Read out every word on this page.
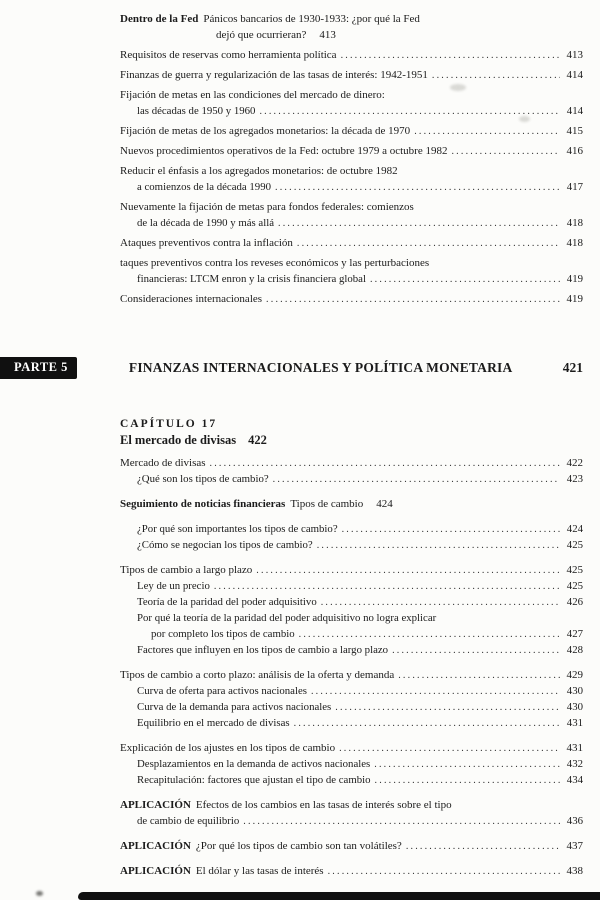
Dentro de la Fed Pánicos bancarios de 1930-1933: ¿por qué la Fed
dejó que ocurrieran? 413
Requisitos de reservas como herramienta política .....	413
Finanzas de guerra y regularización de las tasas de interés: 1942-1951 .....	414
Fijación de metas en las condiciones del mercado de dinero:
las décadas de 1950 y 1960 .....	414
Fijación de metas de los agregados monetarios: la década de 1970 .....	415
Nuevos procedimientos operativos de la Fed: octubre 1979 a octubre 1982 .....	416
Reducir el énfasis a los agregados monetarios: de octubre 1982
a comienzos de la década 1990 .....	417
Nuevamente la fijación de metas para fondos federales: comienzos
de la década de 1990 y más allá .....	418
Ataques preventivos contra la inflación .....	418
taques preventivos contra los reveses económicos y las perturbaciones
financieras: LTCM enron y la crisis financiera global .....	419
Consideraciones internacionales .....	419
PARTE 5	FINANZAS INTERNACIONALES Y POLÍTICA MONETARIA	421
CAPÍTULO 17
El mercado de divisas 422
Mercado de divisas .....	422
¿Qué son los tipos de cambio? .....	423
Seguimiento de noticias financieras Tipos de cambio 424
¿Por qué son importantes los tipos de cambio? .....	424
¿Cómo se negocian los tipos de cambio? .....	425
Tipos de cambio a largo plazo .....	425
Ley de un precio .....	425
Teoría de la paridad del poder adquisitivo .....	426
Por qué la teoría de la paridad del poder adquisitivo no logra explicar
por completo los tipos de cambio .....	427
Factores que influyen en los tipos de cambio a largo plazo .....	428
Tipos de cambio a corto plazo: análisis de la oferta y demanda .....	429
Curva de oferta para activos nacionales .....	430
Curva de la demanda para activos nacionales .....	430
Equilibrio en el mercado de divisas .....	431
Explicación de los ajustes en los tipos de cambio .....	431
Desplazamientos en la demanda de activos nacionales .....	432
Recapitulación: factores que ajustan el tipo de cambio .....	434
APLICACIÓN Efectos de los cambios en las tasas de interés sobre el tipo
de cambio de equilibrio .....	436
APLICACIÓN ¿Por qué los tipos de cambio son tan volátiles? .....	437
APLICACIÓN El dólar y las tasas de interés .....	438
